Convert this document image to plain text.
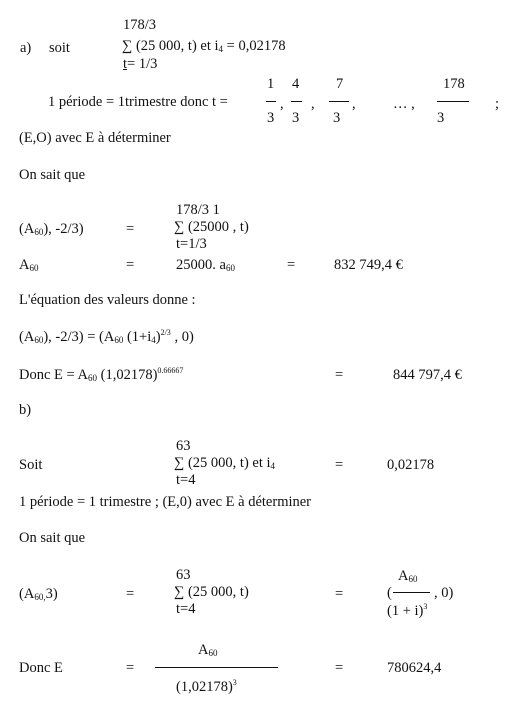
a) soit
178/3
∑ (25 000, t) et $i_4 = 0,02178$
t= 1/3
1 période = 1trimestre donc t =
1
3
,
4
3
,
7
3
,	… ,
178
3
;
(E,O) avec E à déterminer
On sait que
$(A_{60})$, -2/3)	=
178/3 1
∑ (25000 , t)
t=1/3
$A_{60}$	=	25000. $a_{60}$	=	832 749,4 €
L'équation des valeurs donne :
$(A_{60})$, $-2/3) = (A_{60}$ $(1+i_4)^{2/3}$ , 0)
Donc $E = A_{60}$ $(1,02178)^{0.66667}$	=	844 797,4 €
b)
63
Soit	∑ (25 000, t) et $i_4$
t=4
=	0,02178
1 période = 1 trimestre ; (E,0) avec E à déterminer
On sait que
63
$(A_{60,}3)$	=	∑ (25 000, t)
t=4
=
$A_{60}$
(	, 0)
$(1 + i)^3$
$A_{60}$
Donc E	=
$(1,02178)^3$
=	780624,4
